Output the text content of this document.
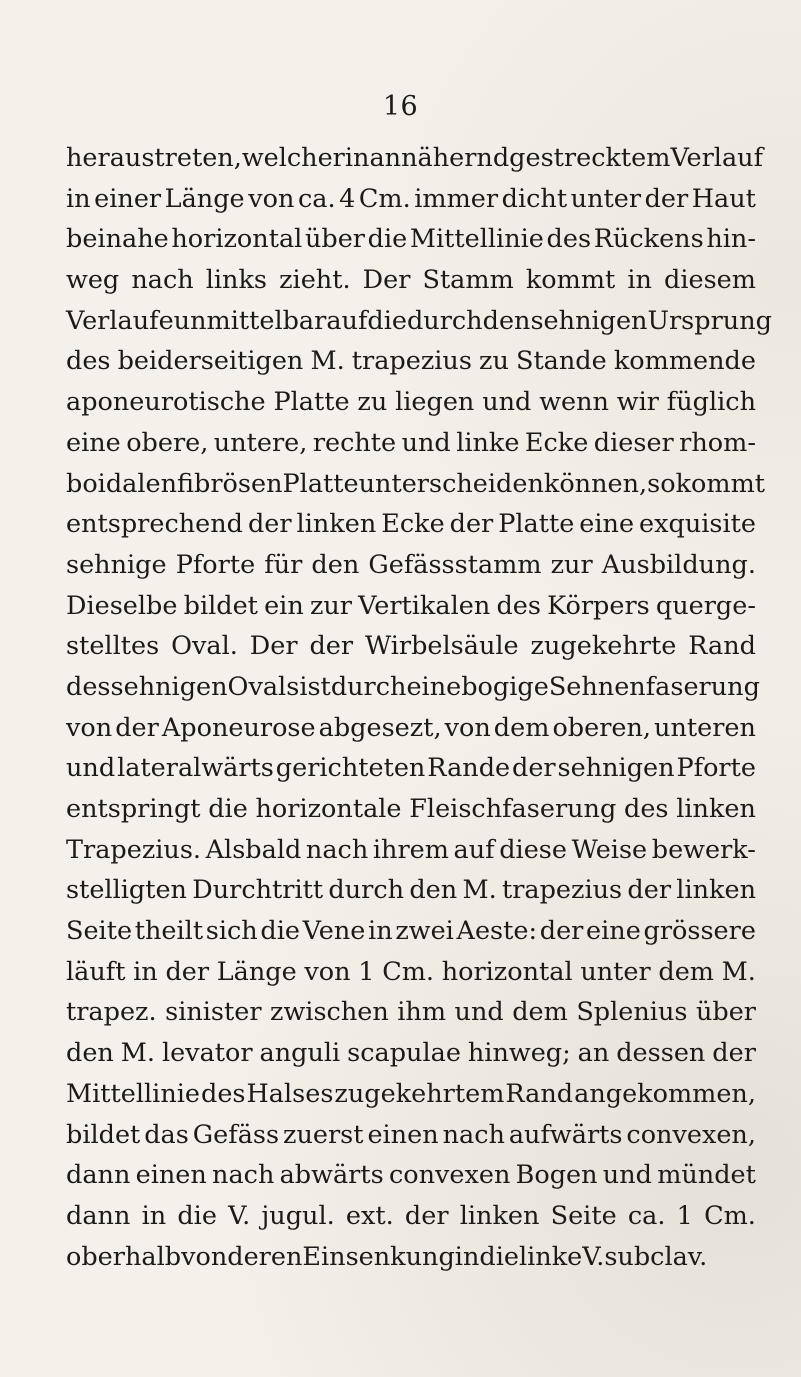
16
heraustreten, welcher in annähernd gestrecktem Verlauf
in einer Länge von ca. 4 Cm. immer dicht unter der Haut
beinahe horizontal über die Mittellinie des Rückens hin-
weg nach links zieht. Der Stamm kommt in diesem
Verlaufe unmittelbar auf die durch den sehnigen Ursprung
des beiderseitigen M. trapezius zu Stande kommende
aponeurotische Platte zu liegen und wenn wir füglich
eine obere, untere, rechte und linke Ecke dieser rhom-
boidalen fibrösen Platte unterscheiden können, so kommt
entsprechend der linken Ecke der Platte eine exquisite
sehnige Pforte für den Gefässstamm zur Ausbildung.
Dieselbe bildet ein zur Vertikalen des Körpers querge-
stelltes Oval. Der der Wirbelsäule zugekehrte Rand
des sehnigen Ovals ist durch eine bogige Sehnenfaserung
von der Aponeurose abgesezt, von dem oberen, unteren
und lateralwärts gerichteten Rande der sehnigen Pforte
entspringt die horizontale Fleischfaserung des linken
Trapezius. Alsbald nach ihrem auf diese Weise bewerk-
stelligten Durchtritt durch den M. trapezius der linken
Seite theilt sich die Vene in zwei Aeste: der eine grössere
läuft in der Länge von 1 Cm. horizontal unter dem M.
trapez. sinister zwischen ihm und dem Splenius über
den M. levator anguli scapulae hinweg; an dessen der
Mittellinie des Halses zugekehrtem Rand angekommen,
bildet das Gefäss zuerst einen nach aufwärts convexen,
dann einen nach abwärts convexen Bogen und mündet
dann in die V. jugul. ext. der linken Seite ca. 1 Cm.
oberhalb von deren Einsenkung in die linke V. subclav.
